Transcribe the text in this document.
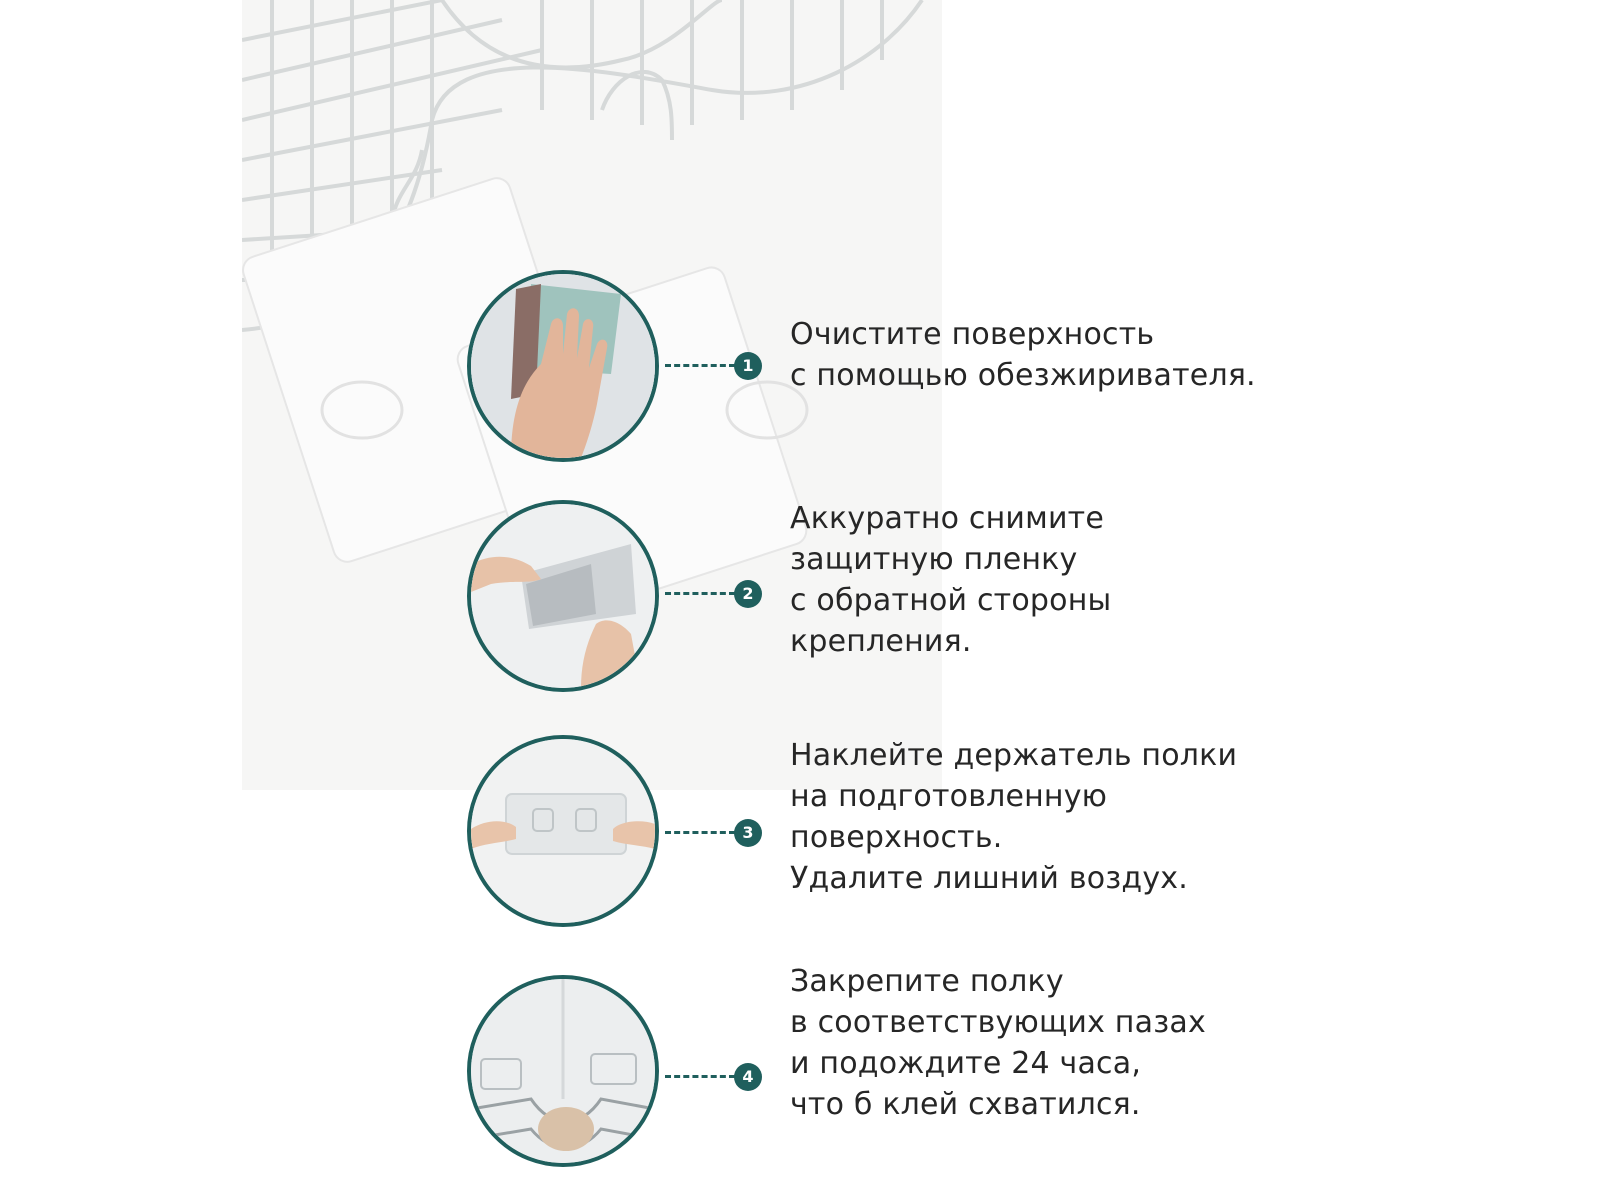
1
Очистите поверхность
с помощью обезжиривателя.
2
Аккуратно снимите
защитную пленку
с обратной стороны
крепления.
3
Наклейте держатель полки
на подготовленную
поверхность.
Удалите лишний воздух.
4
Закрепите полку
в соответствующих пазах
и подождите 24 часа,
что б клей схватился.
